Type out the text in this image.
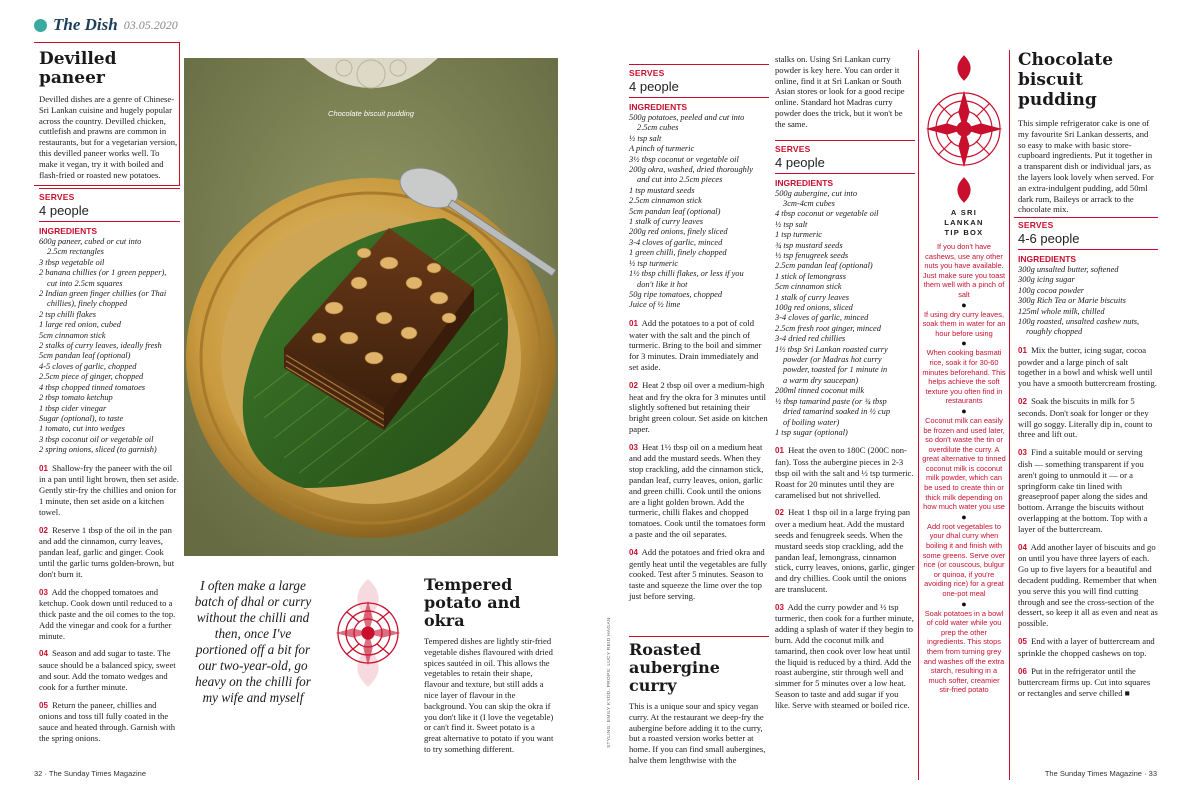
The Dish 03.05.2020
Devilled paneer
Devilled dishes are a genre of Chinese-Sri Lankan cuisine and hugely popular across the country. Devilled chicken, cuttlefish and prawns are common in restaurants, but for a vegetarian version, this devilled paneer works well. To make it vegan, try it with boiled and flash-fried or roasted new potatoes.
SERVES
4 people
INGREDIENTS
600g paneer, cubed or cut into
2.5cm rectangles
3 tbsp vegetable oil
2 banana chillies (or 1 green pepper),
cut into 2.5cm squares
2 Indian green finger chillies (or Thai
chillies), finely chopped
2 tsp chilli flakes
1 large red onion, cubed
5cm cinnamon stick
2 stalks of curry leaves, ideally fresh
5cm pandan leaf (optional)
4-5 cloves of garlic, chopped
2.5cm piece of ginger, chopped
4 tbsp chopped tinned tomatoes
2 tbsp tomato ketchup
1 tbsp cider vinegar
Sugar (optional), to taste
1 tomato, cut into wedges
3 tbsp coconut oil or vegetable oil
2 spring onions, sliced (to garnish)
01 Shallow-fry the paneer with the oil in a pan until light brown, then set aside. Gently stir-fry the chillies and onion for 1 minute, then set aside on a kitchen towel.
02 Reserve 1 tbsp of the oil in the pan and add the cinnamon, curry leaves, pandan leaf, garlic and ginger. Cook until the garlic turns golden-brown, but don't burn it.
03 Add the chopped tomatoes and ketchup. Cook down until reduced to a thick paste and the oil comes to the top. Add the vinegar and cook for a further minute.
04 Season and add sugar to taste. The sauce should be a balanced spicy, sweet and sour. Add the tomato wedges and cook for a further minute.
05 Return the paneer, chillies and onions and toss till fully coated in the sauce and heated through. Garnish with the spring onions.
Chocolate biscuit pudding
STYLING: EMILY KYDD. PROPS: LUCY REID HAGAN
I often make a large batch of dhal or curry without the chilli and then, once I've portioned off a bit for our two-year-old, go heavy on the chilli for my wife and myself
Tempered potato and okra
Tempered dishes are lightly stir-fried vegetable dishes flavoured with dried spices sautéed in oil. This allows the vegetables to retain their shape, flavour and texture, but still adds a nice layer of flavour in the background. You can skip the okra if you don't like it (I love the vegetable) or can't find it. Sweet potato is a great alternative to potato if you want to try something different.
32 · The Sunday Times Magazine
SERVES
4 people
INGREDIENTS
500g potatoes, peeled and cut into
2.5cm cubes
½ tsp salt
A pinch of turmeric
3½ tbsp coconut or vegetable oil
200g okra, washed, dried thoroughly
and cut into 2.5cm pieces
1 tsp mustard seeds
2.5cm cinnamon stick
5cm pandan leaf (optional)
1 stalk of curry leaves
200g red onions, finely sliced
3-4 cloves of garlic, minced
1 green chilli, finely chopped
½ tsp turmeric
1½ tbsp chilli flakes, or less if you
don't like it hot
50g ripe tomatoes, chopped
Juice of ½ lime
01 Add the potatoes to a pot of cold water with the salt and the pinch of turmeric. Bring to the boil and simmer for 3 minutes. Drain immediately and set aside.
02 Heat 2 tbsp oil over a medium-high heat and fry the okra for 3 minutes until slightly softened but retaining their bright green colour. Set aside on kitchen paper.
03 Heat 1½ tbsp oil on a medium heat and add the mustard seeds. When they stop crackling, add the cinnamon stick, pandan leaf, curry leaves, onion, garlic and green chilli. Cook until the onions are a light golden brown. Add the turmeric, chilli flakes and chopped tomatoes. Cook until the tomatoes form a paste and the oil separates.
04 Add the potatoes and fried okra and gently heat until the vegetables are fully cooked. Test after 5 minutes. Season to taste and squeeze the lime over the top just before serving.
Roasted aubergine curry
This is a unique sour and spicy vegan curry. At the restaurant we deep-fry the aubergine before adding it to the curry, but a roasted version works better at home. If you can find small aubergines, halve them lengthwise with the
stalks on. Using Sri Lankan curry powder is key here. You can order it online, find it at Sri Lankan or South Asian stores or look for a good recipe online. Standard hot Madras curry powder does the trick, but it won't be the same.
SERVES
4 people
INGREDIENTS
500g aubergine, cut into
3cm-4cm cubes
4 tbsp coconut or vegetable oil
½ tsp salt
1 tsp turmeric
¾ tsp mustard seeds
½ tsp fenugreek seeds
2.5cm pandan leaf (optional)
1 stick of lemongrass
5cm cinnamon stick
1 stalk of curry leaves
100g red onions, sliced
3-4 cloves of garlic, minced
2.5cm fresh root ginger, minced
3-4 dried red chillies
1½ tbsp Sri Lankan roasted curry
powder (or Madras hot curry
powder, toasted for 1 minute in
a warm dry saucepan)
200ml tinned coconut milk
½ tbsp tamarind paste (or ¾ tbsp
dried tamarind soaked in ½ cup
of boiling water)
1 tsp sugar (optional)
01 Heat the oven to 180C (200C non-fan). Toss the aubergine pieces in 2-3 tbsp oil with the salt and ½ tsp turmeric. Roast for 20 minutes until they are caramelised but not shrivelled.
02 Heat 1 tbsp oil in a large frying pan over a medium heat. Add the mustard seeds and fenugreek seeds. When the mustard seeds stop crackling, add the pandan leaf, lemongrass, cinnamon stick, curry leaves, onions, garlic, ginger and dry chillies. Cook until the onions are translucent.
03 Add the curry powder and ½ tsp turmeric, then cook for a further minute, adding a splash of water if they begin to burn. Add the coconut milk and tamarind, then cook over low heat until the liquid is reduced by a third. Add the roast aubergine, stir through well and simmer for 5 minutes over a low heat. Season to taste and add sugar if you like. Serve with steamed or boiled rice.
A SRI LANKAN TIP BOX
If you don't have cashews, use any other nuts you have available. Just make sure you toast them well with a pinch of salt
●
If using dry curry leaves, soak them in water for an hour before using
●
When cooking basmati rice, soak it for 30-60 minutes beforehand. This helps achieve the soft texture you often find in restaurants
●
Coconut milk can easily be frozen and used later, so don't waste the tin or overdilute the curry. A great alternative to tinned coconut milk is coconut milk powder, which can be used to create thin or thick milk depending on how much water you use
●
Add root vegetables to your dhal curry when boiling it and finish with some greens. Serve over rice (or couscous, bulgur or quinoa, if you're avoiding rice) for a great one-pot meal
●
Soak potatoes in a bowl of cold water while you prep the other ingredients. This stops them from turning grey and washes off the extra starch, resulting in a much softer, creamier stir-fried potato
Chocolate biscuit pudding
This simple refrigerator cake is one of my favourite Sri Lankan desserts, and so easy to make with basic store-cupboard ingredients. Put it together in a transparent dish or individual jars, as the layers look lovely when served. For an extra-indulgent pudding, add 50ml dark rum, Baileys or arrack to the chocolate mix.
SERVES
4-6 people
INGREDIENTS
300g unsalted butter, softened
300g icing sugar
100g cocoa powder
300g Rich Tea or Marie biscuits
125ml whole milk, chilled
100g roasted, unsalted cashew nuts,
roughly chopped
01 Mix the butter, icing sugar, cocoa powder and a large pinch of salt together in a bowl and whisk well until you have a smooth buttercream frosting.
02 Soak the biscuits in milk for 5 seconds. Don't soak for longer or they will go soggy. Literally dip in, count to three and lift out.
03 Find a suitable mould or serving dish — something transparent if you aren't going to unmould it — or a springform cake tin lined with greaseproof paper along the sides and bottom. Arrange the biscuits without overlapping at the bottom. Top with a layer of the buttercream.
04 Add another layer of biscuits and go on until you have three layers of each. Go up to five layers for a beautiful and decadent pudding. Remember that when you serve this you will find cutting through and see the cross-section of the dessert, so keep it all as even and neat as possible.
05 End with a layer of buttercream and sprinkle the chopped cashews on top.
06 Put in the refrigerator until the buttercream firms up. Cut into squares or rectangles and serve chilled ■
The Sunday Times Magazine · 33
